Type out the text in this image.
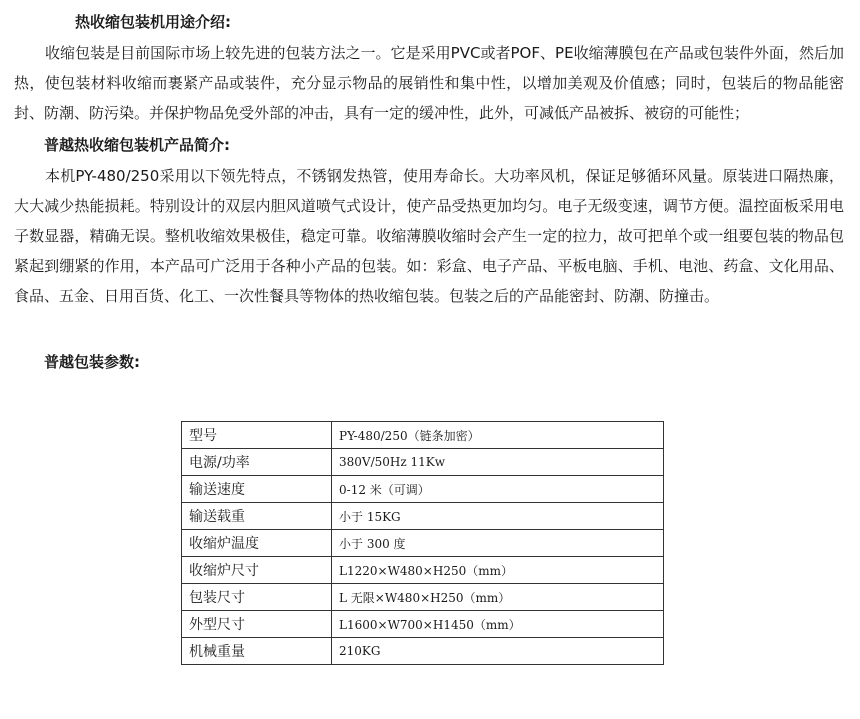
热收缩包装机用途介绍:
收缩包装是目前国际市场上较先进的包装方法之一。它是采用PVC或者POF、PE收缩薄膜包在产品或包装件外面，然后加热，使包装材料收缩而裹紧产品或装件，充分显示物品的展销性和集中性，以增加美观及价值感；同时，包装后的物品能密封、防潮、防污染。并保护物品免受外部的冲击，具有一定的缓冲性，此外，可减低产品被拆、被窃的可能性；
普越热收缩包装机产品简介:
本机PY-480/250采用以下领先特点，不锈钢发热管，使用寿命长。大功率风机，保证足够循环风量。原装进口隔热廉，大大减少热能损耗。特别设计的双层内胆风道喷气式设计，使产品受热更加均匀。电子无级变速，调节方便。温控面板采用电子数显器，精确无误。整机收缩效果极佳，稳定可靠。收缩薄膜收缩时会产生一定的拉力，故可把单个或一组要包装的物品包紧起到绷紧的作用，本产品可广泛用于各种小产品的包装。如：彩盒、电子产品、平板电脑、手机、电池、药盒、文化用品、食品、五金、日用百货、化工、一次性餐具等物体的热收缩包装。包装之后的产品能密封、防潮、防撞击。
普越包装参数:
型号	PY-480/250（链条加密）
电源/功率	380V/50Hz 11Kw
输送速度	0-12 米（可调）
输送载重	小于 15KG
收缩炉温度	小于 300 度
收缩炉尺寸	L1220×W480×H250（mm）
包装尺寸	L 无限×W480×H250（mm）
外型尺寸	L1600×W700×H1450（mm）
机械重量	210KG
